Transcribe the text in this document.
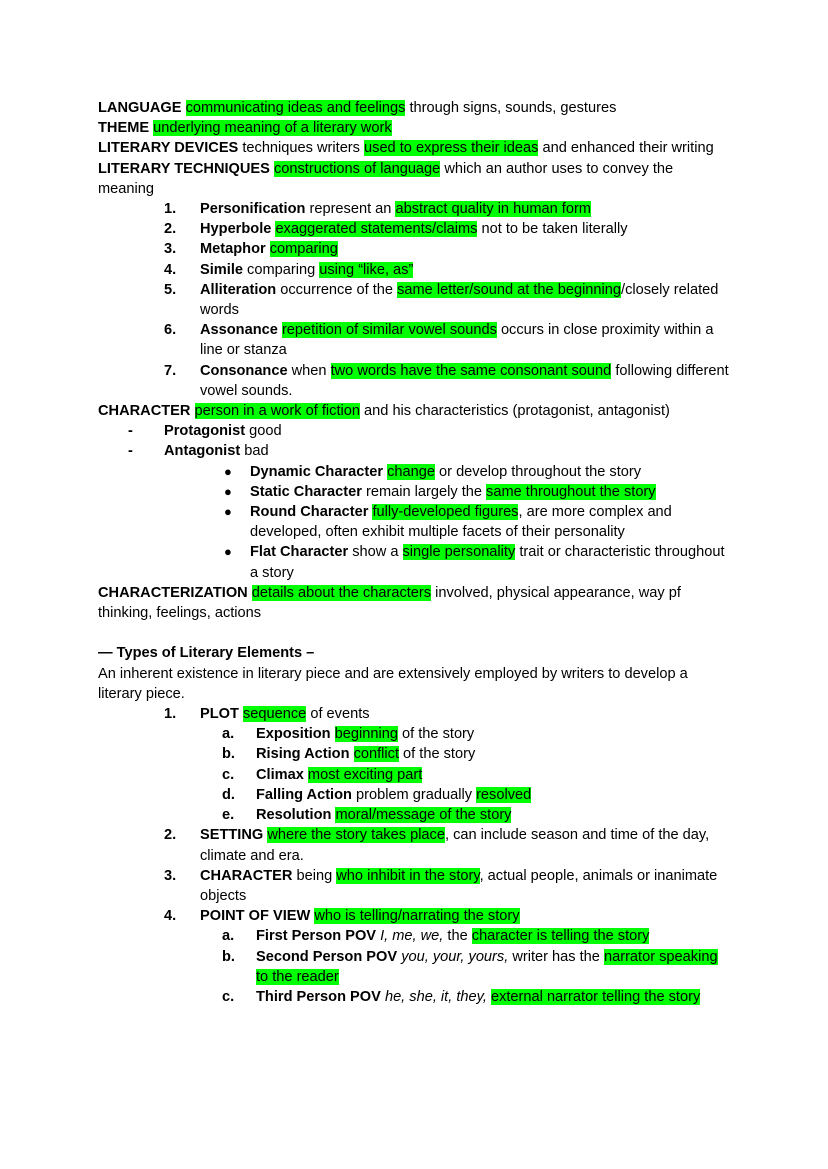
LANGUAGE communicating ideas and feelings through signs, sounds, gestures

THEME underlying meaning of a literary work

LITERARY DEVICES techniques writers used to express their ideas and enhanced their writing

LITERARY TECHNIQUES constructions of language which an author uses to convey the meaning

1.	Personification represent an abstract quality in human form
2.	Hyperbole exaggerated statements/claims not to be taken literally
3.	Metaphor comparing
4.	Simile comparing using “like, as”
5.	Alliteration occurrence of the same letter/sound at the beginning/closely related words
6.	Assonance repetition of similar vowel sounds occurs in close proximity within a line or stanza
7.	Consonance when two words have the same consonant sound following different vowel sounds.

CHARACTER person in a work of fiction and his characteristics (protagonist, antagonist)

-	Protagonist good
-	Antagonist bad
●	Dynamic Character change or develop throughout the story
●	Static Character remain largely the same throughout the story
●	Round Character fully-developed figures, are more complex and developed, often exhibit multiple facets of their personality
●	Flat Character show a single personality trait or characteristic throughout a story

CHARACTERIZATION details about the characters involved, physical appearance, way pf thinking, feelings, actions

— Types of Literary Elements –

An inherent existence in literary piece and are extensively employed by writers to develop a literary piece.

1.	PLOT sequence of events
a.	Exposition beginning of the story
b.	Rising Action conflict of the story
c.	Climax most exciting part
d.	Falling Action problem gradually resolved
e.	Resolution moral/message of the story
2.	SETTING where the story takes place, can include season and time of the day, climate and era.
3.	CHARACTER being who inhibit in the story, actual people, animals or inanimate objects
4.	POINT OF VIEW who is telling/narrating the story
a.	First Person POV I, me, we, the character is telling the story
b.	Second Person POV you, your, yours, writer has the narrator speaking to the reader
c.	Third Person POV he, she, it, they, external narrator telling the story
